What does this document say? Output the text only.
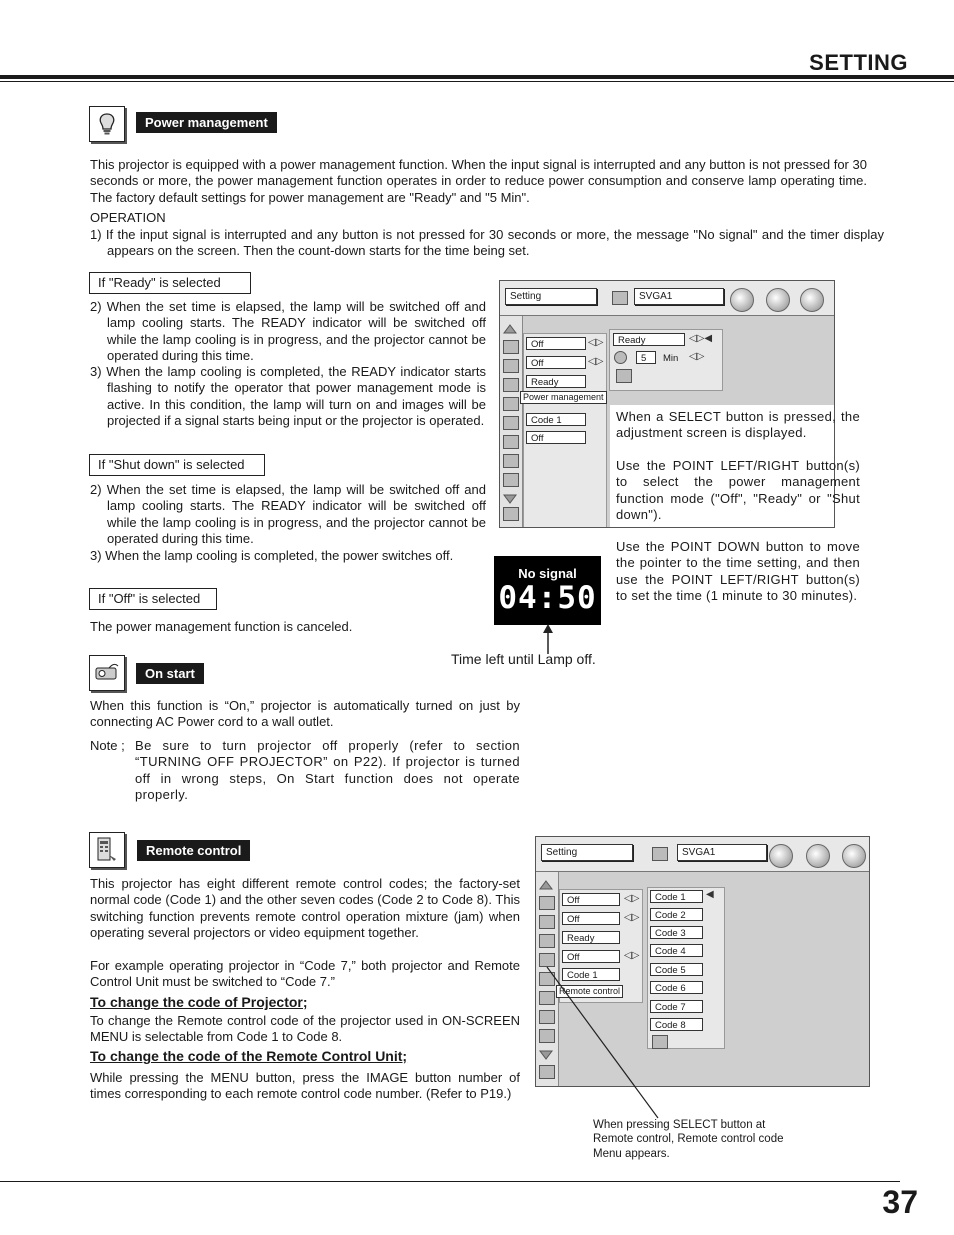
SETTING
Power management
This projector is equipped with a power management function. When the input signal is interrupted and any button is not pressed for 30 seconds or more, the power management function operates in order to reduce power consumption and conserve lamp operating time. The factory default settings for power management are "Ready" and "5 Min".
OPERATION
1) If the input signal is interrupted and any button is not pressed for 30 seconds or more, the message "No signal" and the timer display appears on the screen. Then the count-down starts for the time being set.
If "Ready" is selected
2) When the set time is elapsed, the lamp will be switched off and lamp cooling starts. The READY indicator will be switched off while the lamp cooling is in progress, and the projector cannot be operated during this time.
3) When the lamp cooling is completed, the READY indicator starts flashing to notify the operator that power management mode is active. In this condition, the lamp will turn on and images will be projected if a signal starts being input or the projector is operated.
If "Shut down" is selected
2) When the set time is elapsed, the lamp will be switched off and lamp cooling starts. The READY indicator will be switched off while the lamp cooling is in progress, and the projector cannot be operated during this time.
3) When the lamp cooling is completed, the power switches off.
If "Off" is selected
The power management function is canceled.
Setting	SVGA1
Off	◁▷
Off	◁▷
Ready
Power management
Code 1
Off
Ready	◁▷◀
5	Min ◁▷
When a SELECT button is pressed, the adjustment screen is displayed.
Use the POINT LEFT/RIGHT button(s) to select the power management function mode ("Off", "Ready" or "Shut down").
Use the POINT DOWN button to move the pointer to the time setting, and then use the POINT LEFT/RIGHT button(s) to set the time (1 minute to 30 minutes).
No signal
04:50
Time left until Lamp off.
On start
When this function is “On,” projector is automatically turned on just by connecting AC Power cord to a wall outlet.
Note ; Be sure to turn projector off properly (refer to section “TURNING OFF PROJECTOR” on P22). If projector is turned off in wrong steps, On Start function does not operate properly.
Remote control
This projector has eight different remote control codes; the factory-set normal code (Code 1) and the other seven codes (Code 2 to Code 8). This switching function prevents remote control operation mixture (jam) when operating several projectors or video equipment together.
For example operating projector in “Code 7,” both projector and Remote Control Unit must be switched to “Code 7.”
To change the code of Projector;
To change the Remote control code of the projector used in ON-SCREEN MENU is selectable from Code 1 to Code 8.
To change the code of the Remote Control Unit;
While pressing the MENU button, press the IMAGE button number of times corresponding to each remote control code number. (Refer to P19.)
Setting	SVGA1
Off	◁▷
Off	◁▷
Ready
Off	◁▷
Code 1
Remote control
Code 1	◀
Code 2
Code 3
Code 4
Code 5
Code 6
Code 7
Code 8
When pressing SELECT button at Remote control, Remote control code Menu appears.
37
